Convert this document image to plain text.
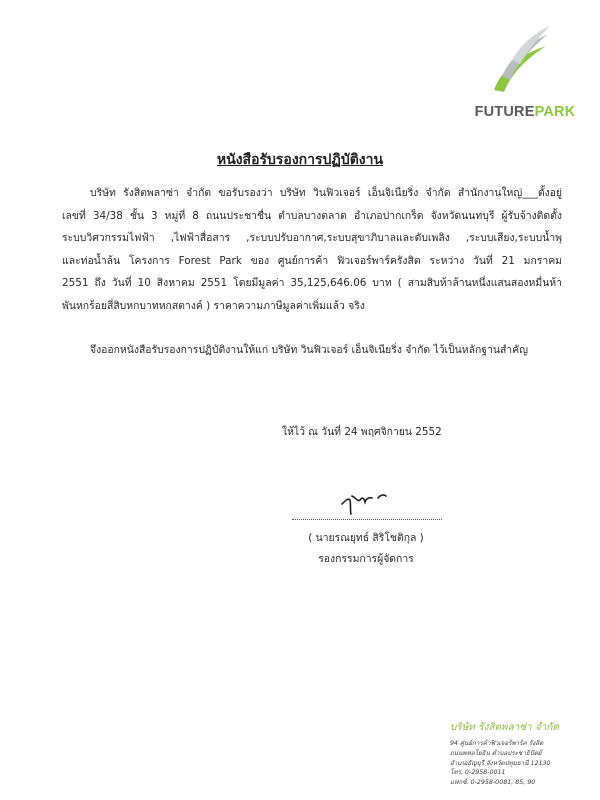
FUTUREPARK
หนังสือรับรองการปฏิบัติงาน
บริษัท รังสิตพลาซ่า จำกัด ขอรับรองว่า บริษัท วินฟิวเจอร์ เอ็นจิเนียริ่ง จำกัด สำนักงานใหญ่___ตั้งอยู่
เลขที่ 34/38 ชั้น 3 หมู่ที่ 8 ถนนประชาชื่น ตำบลบางตลาด อำเภอปากเกร็ด จังหวัดนนทบุรี ผู้รับจ้างติดตั้ง
ระบบวิศวกรรมไฟฟ้า ,ไฟฟ้าสื่อสาร ,ระบบปรับอากาศ,ระบบสุขาภิบาลและดับเพลิง ,ระบบเสียง,ระบบน้ำพุ
และท่อน้ำล้น โครงการ Forest Park ของ ศูนย์การค้า ฟิวเจอร์พาร์ครังสิต ระหว่าง วันที่ 21 มกราคม
2551 ถึง วันที่ 10 สิงหาคม 2551 โดยมีมูลค่า 35,125,646.06 บาท ( สามสิบห้าล้านหนึ่งแสนสองหมื่นห้า
พันหกร้อยสี่สิบหกบาทหกสตางค์ ) ราคาความภาษีมูลค่าเพิ่มแล้ว จริง
จึงออกหนังสือรับรองการปฏิบัติงานให้แก่ บริษัท วินฟิวเจอร์ เอ็นจิเนียริ่ง จำกัด ไว้เป็นหลักฐานสำคัญ
ให้ไว้ ณ วันที่ 24 พฤศจิกายน 2552
( นายรณยุทธ์ สิริโชติกุล )
รองกรรมการผู้จัดการ
บริษัท รังสิตพลาซ่า จำกัด
94 ศูนย์การค้าฟิวเจอร์พาร์ค รังสิต
ถนนพหลโยธิน ตำบลประชาธิปัตย์
อำเภอธัญบุรี จังหวัดปทุมธานี 12130
โทร. 0-2958-0011
แฟกซ์. 0-2958-0081, 85, 90
